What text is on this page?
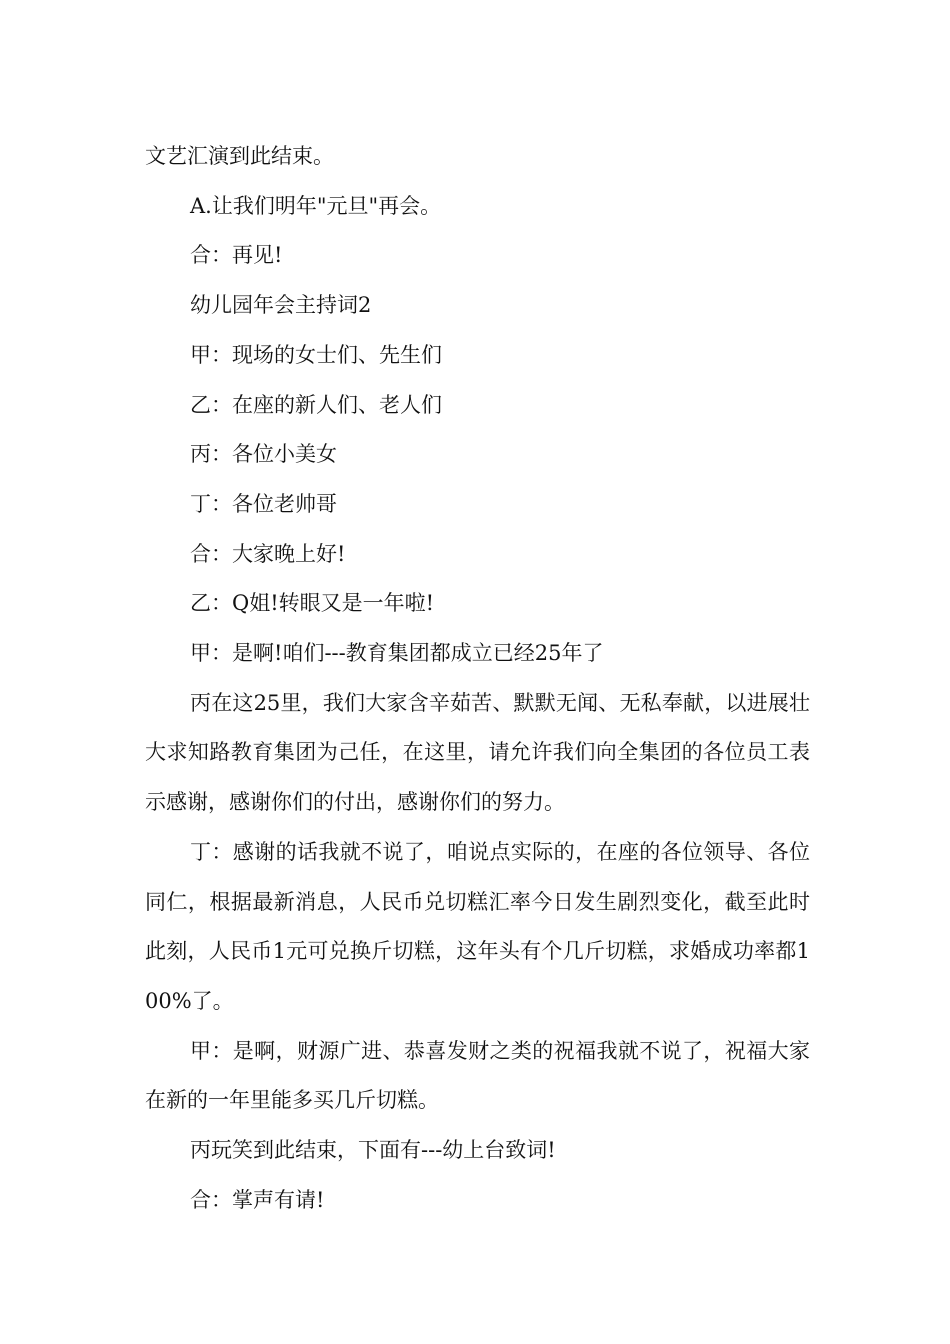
文艺汇演到此结束。

A.让我们明年"元旦"再会。

合：再见!

幼儿园年会主持词2

甲：现场的女士们、先生们

乙：在座的新人们、老人们

丙：各位小美女

丁：各位老帅哥

合：大家晚上好!

乙：Q姐!转眼又是一年啦!

甲：是啊!咱们---教育集团都成立已经25年了

丙在这25里，我们大家含辛茹苦、默默无闻、无私奉献，以进展壮大求知路教育集团为己任，在这里，请允许我们向全集团的各位员工表示感谢，感谢你们的付出，感谢你们的努力。

丁：感谢的话我就不说了，咱说点实际的，在座的各位领导、各位同仁，根据最新消息，人民币兑切糕汇率今日发生剧烈变化，截至此时此刻，人民币1元可兑换斤切糕，这年头有个几斤切糕，求婚成功率都100%了。

甲：是啊，财源广进、恭喜发财之类的祝福我就不说了，祝福大家在新的一年里能多买几斤切糕。

丙玩笑到此结束，下面有---幼上台致词!

合：掌声有请!
